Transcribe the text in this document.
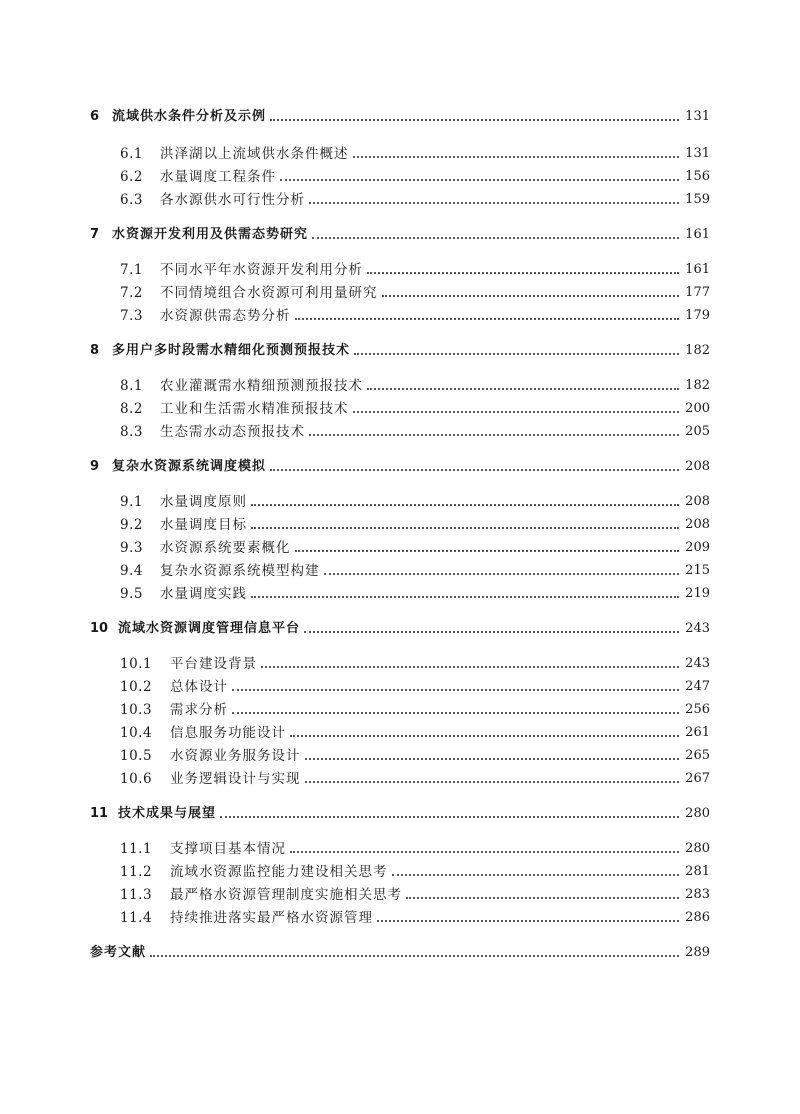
6 流域供水条件分析及示例	131
6.1	洪泽湖以上流域供水条件概述	131
6.2	水量调度工程条件	156
6.3	各水源供水可行性分析	159
7 水资源开发利用及供需态势研究	161
7.1	不同水平年水资源开发利用分析	161
7.2	不同情境组合水资源可利用量研究	177
7.3	水资源供需态势分析	179
8 多用户多时段需水精细化预测预报技术	182
8.1	农业灌溉需水精细预测预报技术	182
8.2	工业和生活需水精准预报技术	200
8.3	生态需水动态预报技术	205
9 复杂水资源系统调度模拟	208
9.1	水量调度原则	208
9.2	水量调度目标	208
9.3	水资源系统要素概化	209
9.4	复杂水资源系统模型构建	215
9.5	水量调度实践	219
10 流域水资源调度管理信息平台	243
10.1	平台建设背景	243
10.2	总体设计	247
10.3	需求分析	256
10.4	信息服务功能设计	261
10.5	水资源业务服务设计	265
10.6	业务逻辑设计与实现	267
11 技术成果与展望	280
11.1	支撑项目基本情况	280
11.2	流域水资源监控能力建设相关思考	281
11.3	最严格水资源管理制度实施相关思考	283
11.4	持续推进落实最严格水资源管理	286
参考文献	289
